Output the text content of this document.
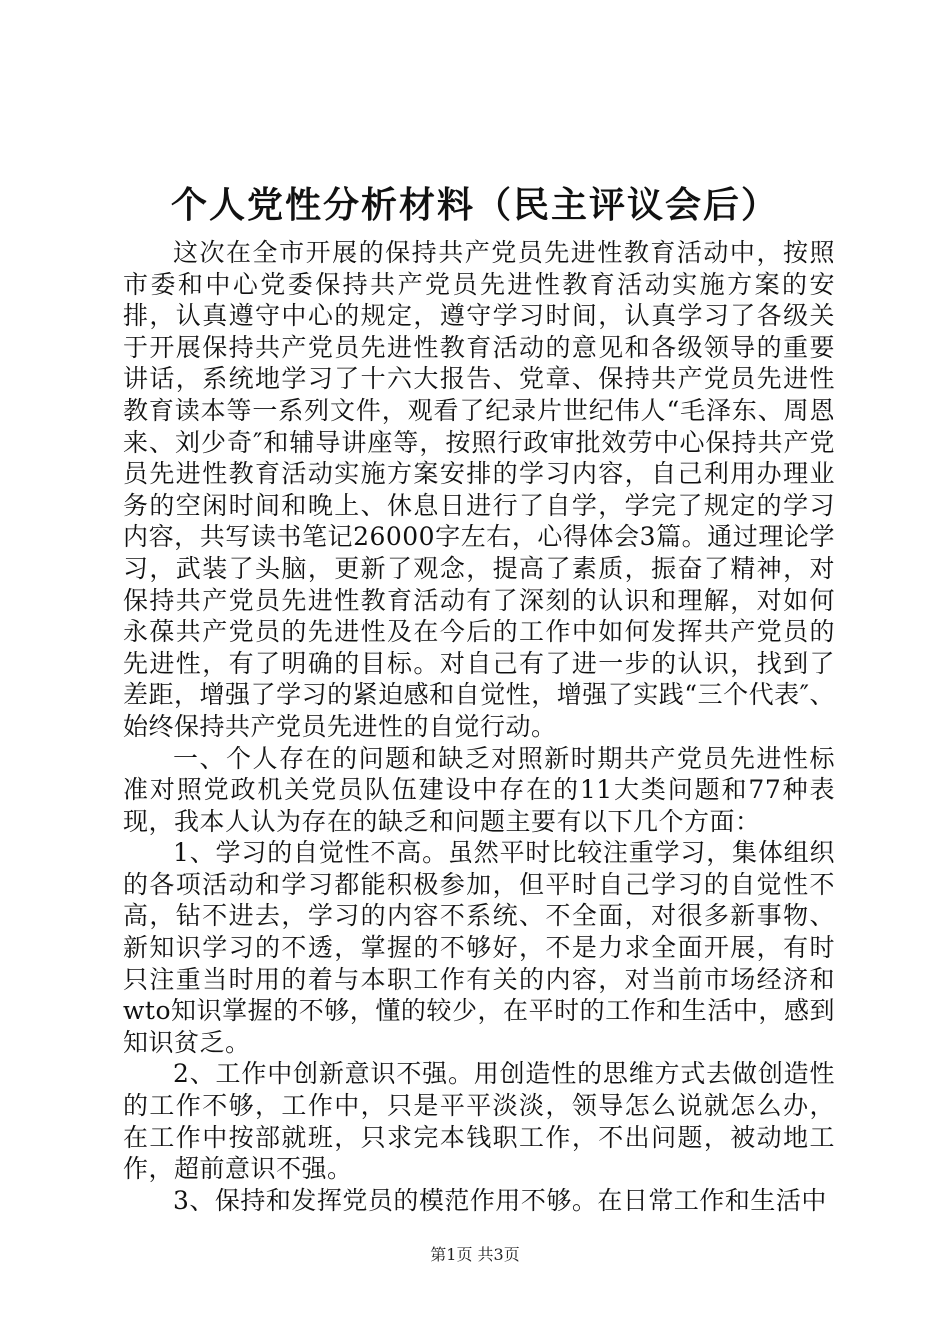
个人党性分析材料（民主评议会后）

这次在全市开展的保持共产党员先进性教育活动中，按照市委和中心党委保持共产党员先进性教育活动实施方案的安排，认真遵守中心的规定，遵守学习时间，认真学习了各级关于开展保持共产党员先进性教育活动的意见和各级领导的重要讲话，系统地学习了十六大报告、党章、保持共产党员先进性教育读本等一系列文件，观看了纪录片世纪伟人“毛泽东、周恩来、刘少奇″和辅导讲座等，按照行政审批效劳中心保持共产党员先进性教育活动实施方案安排的学习内容，自己利用办理业务的空闲时间和晚上、休息日进行了自学，学完了规定的学习内容，共写读书笔记26000字左右，心得体会3篇。通过理论学习，武装了头脑，更新了观念，提高了素质，振奋了精神，对保持共产党员先进性教育活动有了深刻的认识和理解，对如何永葆共产党员的先进性及在今后的工作中如何发挥共产党员的先进性，有了明确的目标。对自己有了进一步的认识，找到了差距，增强了学习的紧迫感和自觉性，增强了实践“三个代表″、始终保持共产党员先进性的自觉行动。

一、个人存在的问题和缺乏对照新时期共产党员先进性标准对照党政机关党员队伍建设中存在的11大类问题和77种表现，我本人认为存在的缺乏和问题主要有以下几个方面：

1、学习的自觉性不高。虽然平时比较注重学习，集体组织的各项活动和学习都能积极参加，但平时自己学习的自觉性不高，钻不进去，学习的内容不系统、不全面，对很多新事物、新知识学习的不透，掌握的不够好，不是力求全面开展，有时只注重当时用的着与本职工作有关的内容，对当前市场经济和wto知识掌握的不够，懂的较少，在平时的工作和生活中，感到知识贫乏。

2、工作中创新意识不强。用创造性的思维方式去做创造性的工作不够，工作中，只是平平淡淡，领导怎么说就怎么办，在工作中按部就班，只求完本钱职工作，不出问题，被动地工作，超前意识不强。

3、保持和发挥党员的模范作用不够。在日常工作和生活中

第1页 共3页
